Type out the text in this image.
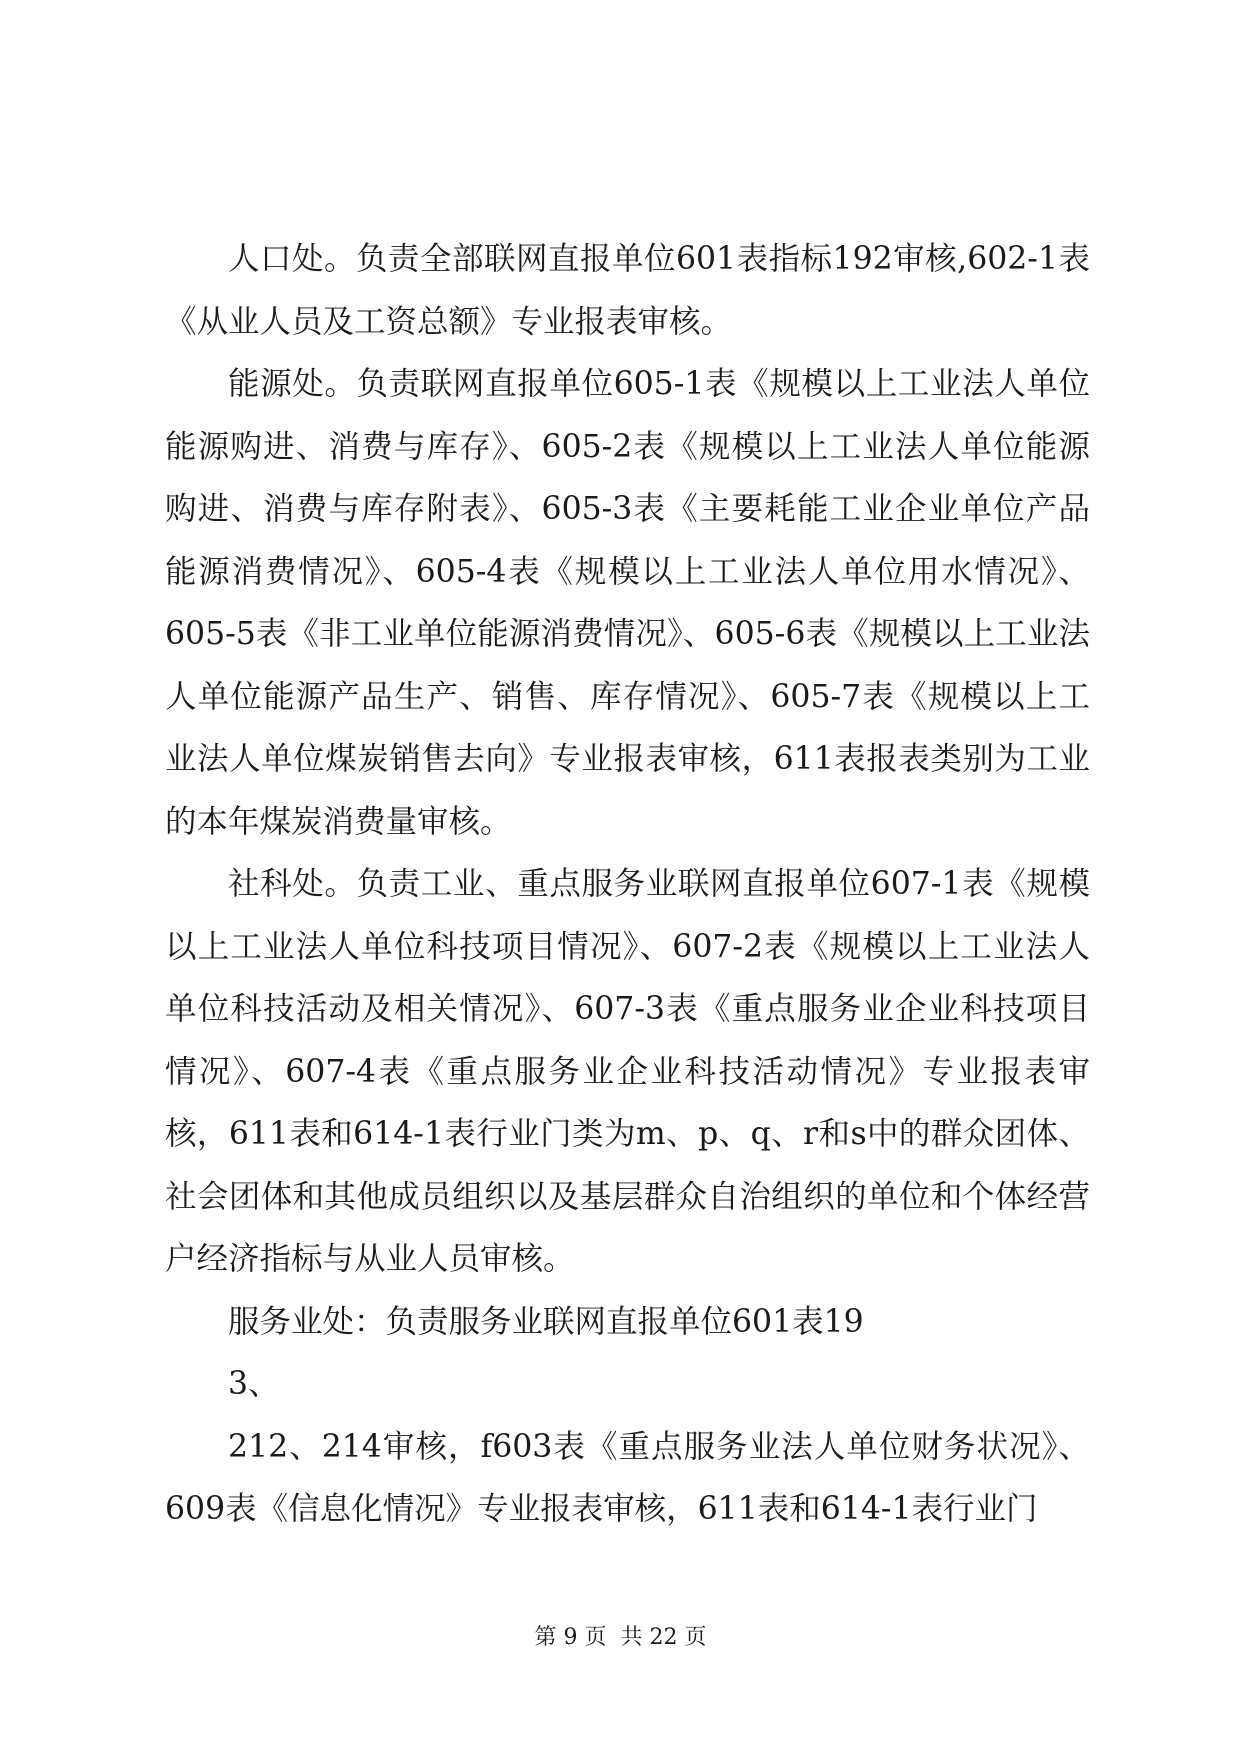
人口处。负责全部联网直报单位601表指标192审核,602-1表《从业人员及工资总额》专业报表审核。

能源处。负责联网直报单位605-1表《规模以上工业法人单位能源购进、消费与库存》、605-2表《规模以上工业法人单位能源购进、消费与库存附表》、605-3表《主要耗能工业企业单位产品能源消费情况》、605-4表《规模以上工业法人单位用水情况》、605-5表《非工业单位能源消费情况》、605-6表《规模以上工业法人单位能源产品生产、销售、库存情况》、605-7表《规模以上工业法人单位煤炭销售去向》专业报表审核，611表报表类别为工业的本年煤炭消费量审核。

社科处。负责工业、重点服务业联网直报单位607-1表《规模以上工业法人单位科技项目情况》、607-2表《规模以上工业法人单位科技活动及相关情况》、607-3表《重点服务业企业科技项目情况》、607-4表《重点服务业企业科技活动情况》专业报表审核，611表和614-1表行业门类为m、p、q、r和s中的群众团体、社会团体和其他成员组织以及基层群众自治组织的单位和个体经营户经济指标与从业人员审核。

服务业处：负责服务业联网直报单位601表19

3、

212、214审核，f603表《重点服务业法人单位财务状况》、609表《信息化情况》专业报表审核，611表和614-1表行业门

第 9 页  共 22 页
